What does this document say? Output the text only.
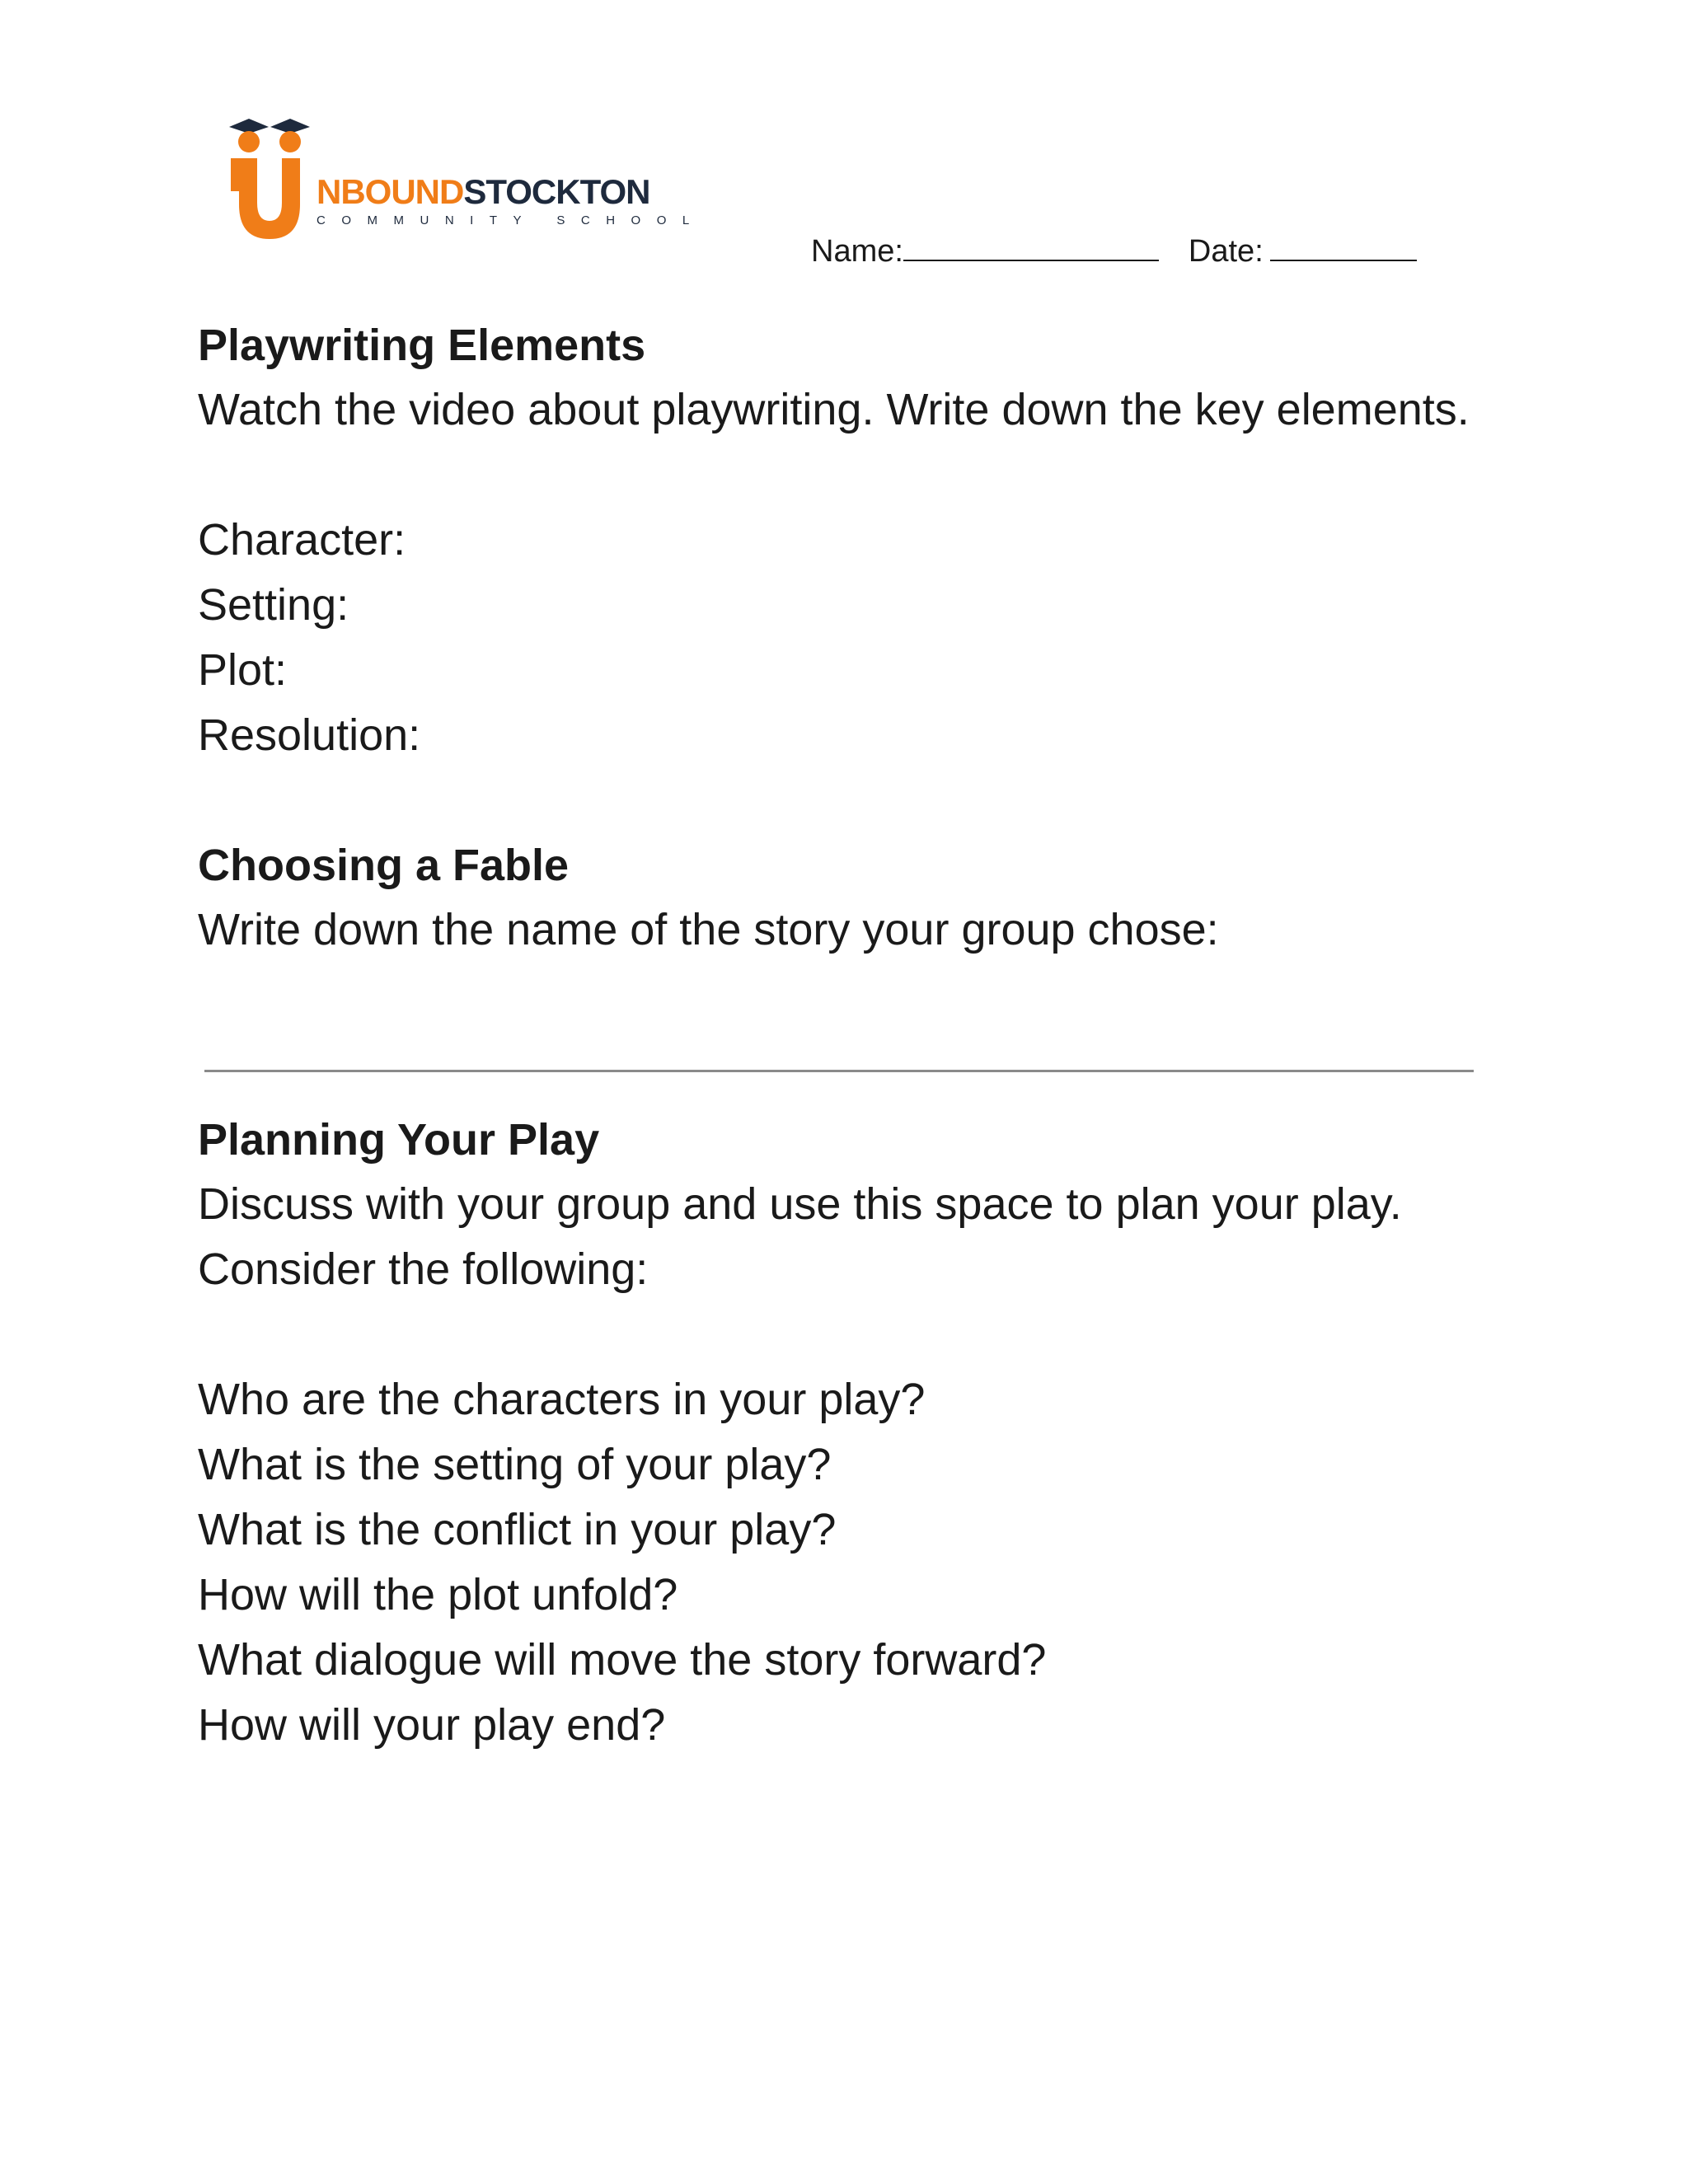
NBOUNDSTOCKTON
COMMUNITY SCHOOL
Name:	Date:

Playwriting Elements

Watch the video about playwriting. Write down the key elements.

Character:

Setting:

Plot:

Resolution:

Choosing a Fable

Write down the name of the story your group chose:

Planning Your Play

Discuss with your group and use this space to plan your play. Consider the following:

Who are the characters in your play?

What is the setting of your play?

What is the conflict in your play?

How will the plot unfold?

What dialogue will move the story forward?

How will your play end?
